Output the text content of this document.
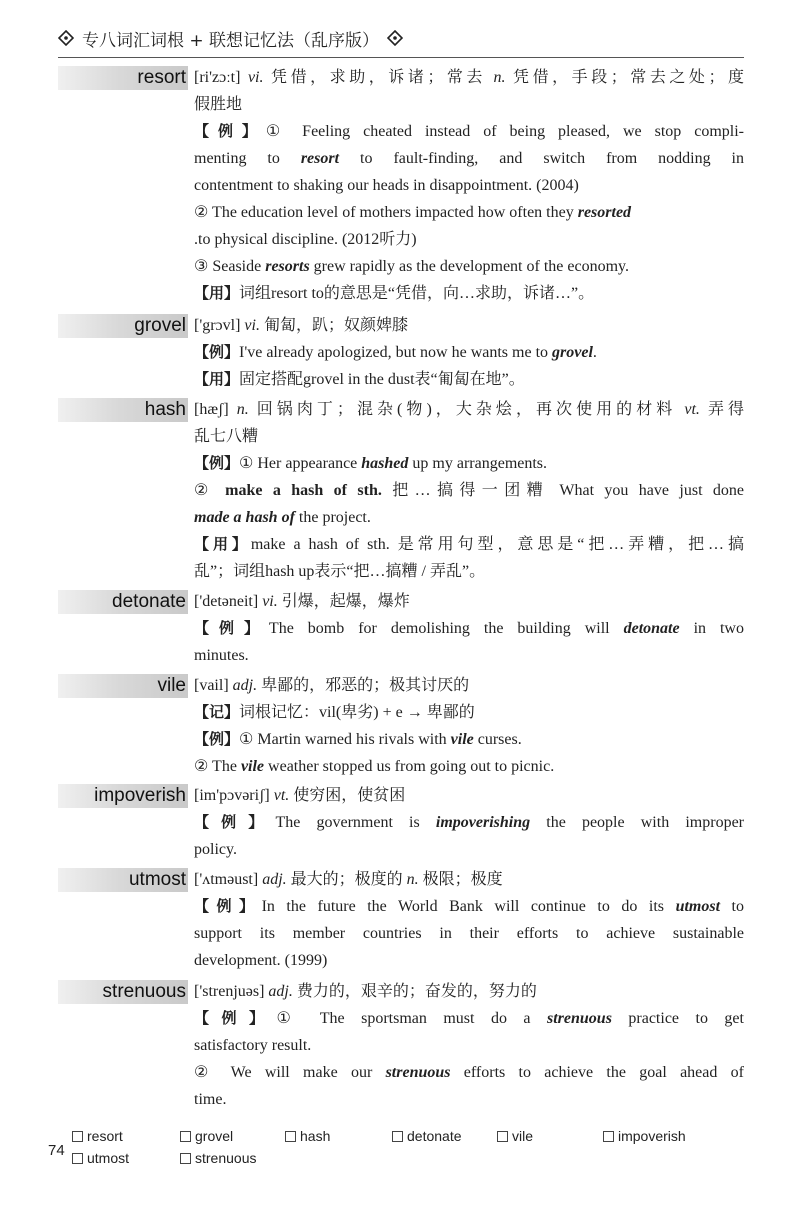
专八词汇词根 + 联想记忆法（乱序版）
resort [ri'zɔːt] vi. 凭借，求助，诉诸；常去 n. 凭借，手段；常去之处；度
假胜地
【例】① Feeling cheated instead of being pleased, we stop compli-
menting to resort to fault-finding, and switch from nodding in
contentment to shaking our heads in disappointment. (2004)
② The education level of mothers impacted how often they resorted
.to physical discipline. (2012听力)
③ Seaside resorts grew rapidly as the development of the economy.
【用】词组resort to的意思是“凭借，向…求助，诉诸…”。
grovel ['grɔvl] vi. 匍匐，趴；奴颜婢膝
【例】I've already apologized, but now he wants me to grovel.
【用】固定搭配grovel in the dust表“匍匐在地”。
hash [hæʃ] n. 回锅肉丁；混杂(物)，大杂烩，再次使用的材料 vt. 弄得
乱七八糟
【例】① Her appearance hashed up my arrangements.
② make a hash of sth. 把…搞得一团糟 What you have just done
made a hash of the project.
【用】make a hash of sth. 是常用句型，意思是“把…弄糟，把…搞
乱”；词组hash up表示“把…搞糟 / 弄乱”。
detonate ['detəneit] vi. 引爆，起爆，爆炸
【例】The bomb for demolishing the building will detonate in two
minutes.
vile [vail] adj. 卑鄙的，邪恶的；极其讨厌的
【记】词根记忆：vil(卑劣) + e → 卑鄙的
【例】① Martin warned his rivals with vile curses.
② The vile weather stopped us from going out to picnic.
impoverish [im'pɔvəriʃ] vt. 使穷困，使贫困
【例】The government is impoverishing the people with improper
policy.
utmost ['ʌtməust] adj. 最大的；极度的 n. 极限；极度
【例】In the future the World Bank will continue to do its utmost to
support its member countries in their efforts to achieve sustainable
development. (1999)
strenuous ['strenjuəs] adj. 费力的，艰辛的；奋发的，努力的
【例】① The sportsman must do a strenuous practice to get
satisfactory result.
② We will make our strenuous efforts to achieve the goal ahead of
time.
74
resort	grovel	hash	detonate	vile	impoverish
utmost	strenuous
